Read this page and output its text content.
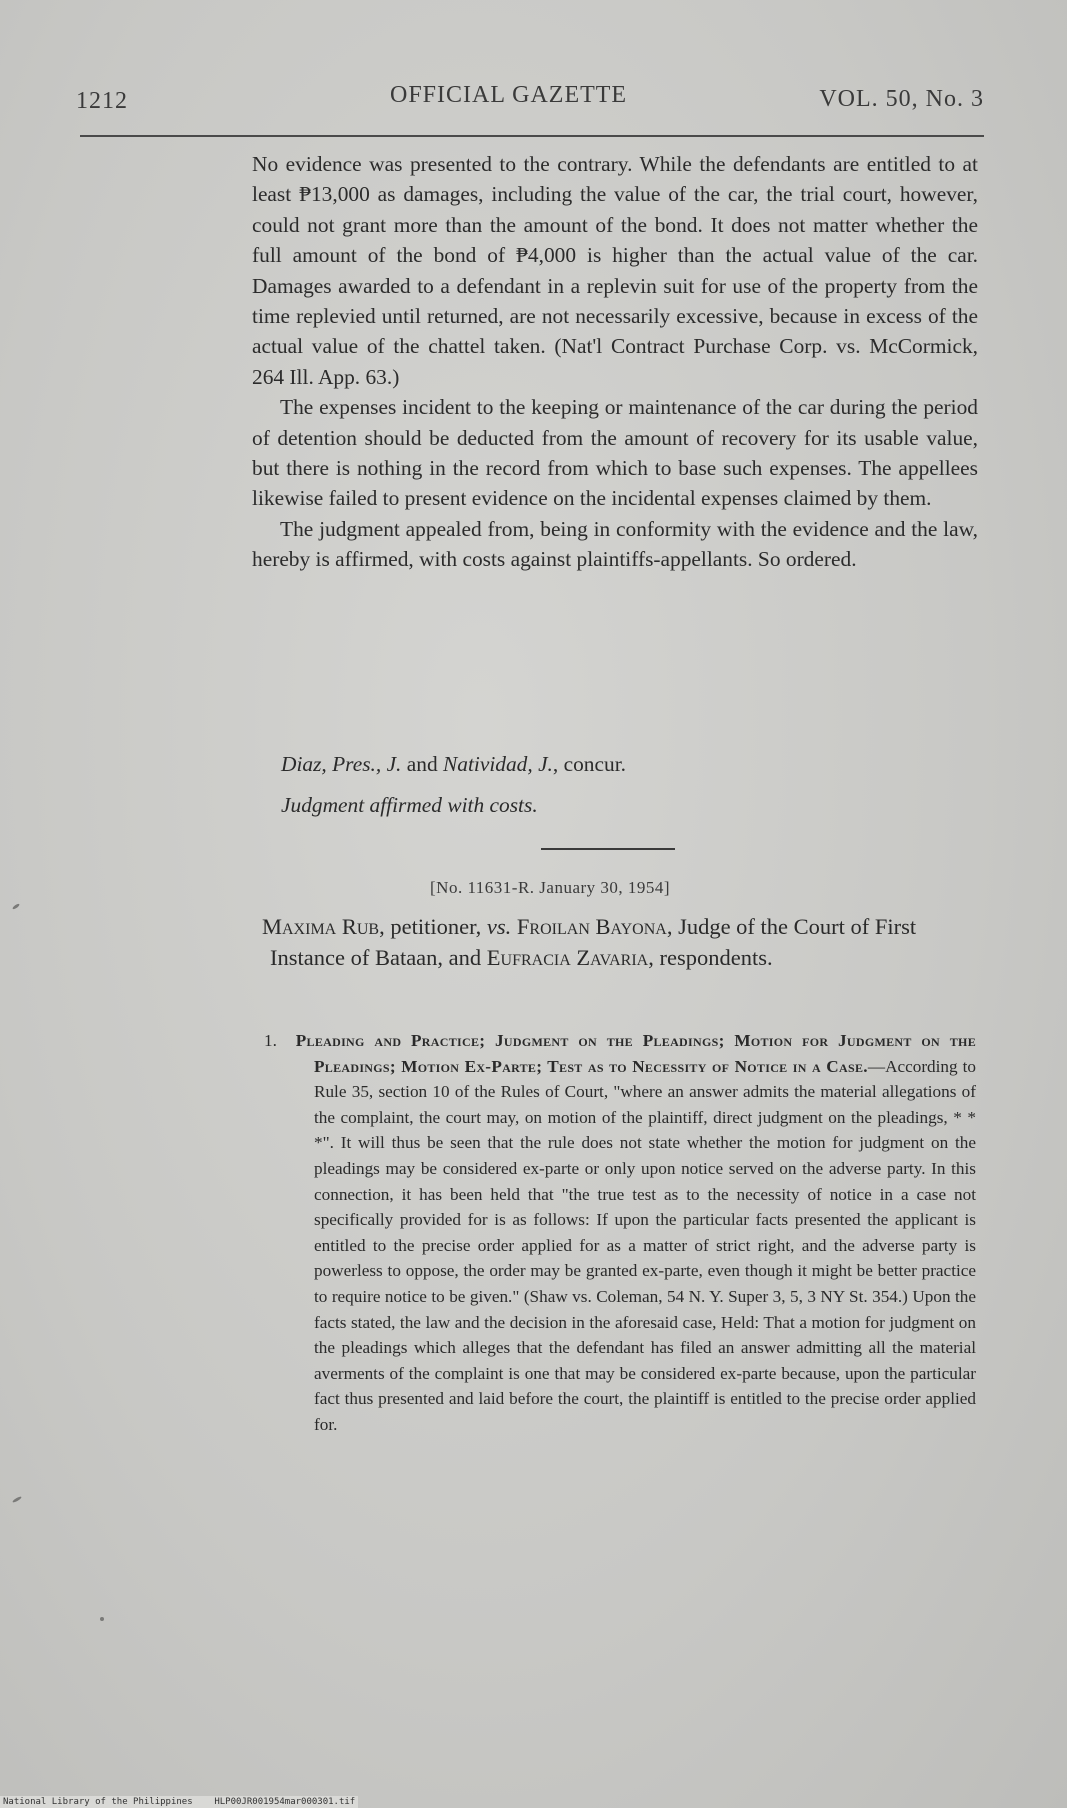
1212	OFFICIAL GAZETTE	VOL. 50, No. 3

No evidence was presented to the contrary. While the defendants are entitled to at least ₱13,000 as damages, including the value of the car, the trial court, however, could not grant more than the amount of the bond. It does not matter whether the full amount of the bond of ₱4,000 is higher than the actual value of the car. Damages awarded to a defendant in a replevin suit for use of the property from the time replevied until returned, are not necessarily excessive, because in excess of the actual value of the chattel taken. (Nat'l Contract Purchase Corp. vs. McCormick, 264 Ill. App. 63.)

The expenses incident to the keeping or maintenance of the car during the period of detention should be deducted from the amount of recovery for its usable value, but there is nothing in the record from which to base such expenses. The appellees likewise failed to present evidence on the incidental expenses claimed by them.

The judgment appealed from, being in conformity with the evidence and the law, hereby is affirmed, with costs against plaintiffs-appellants. So ordered.

Diaz, Pres., J. and Natividad, J., concur.
Judgment affirmed with costs.
[No. 11631-R. January 30, 1954]
Maxima Rub, petitioner, vs. Froilan Bayona, Judge of the Court of First Instance of Bataan, and Eufracia Zavaria, respondents.
1. Pleading and Practice; Judgment on the Pleadings; Motion for Judgment on the Pleadings; Motion Ex-Parte; Test as to Necessity of Notice in a Case.—According to Rule 35, section 10 of the Rules of Court, "where an answer admits the material allegations of the complaint, the court may, on motion of the plaintiff, direct judgment on the pleadings, * * *". It will thus be seen that the rule does not state whether the motion for judgment on the pleadings may be considered ex-parte or only upon notice served on the adverse party. In this connection, it has been held that "the true test as to the necessity of notice in a case not specifically provided for is as follows: If upon the particular facts presented the applicant is entitled to the precise order applied for as a matter of strict right, and the adverse party is powerless to oppose, the order may be granted ex-parte, even though it might be better practice to require notice to be given." (Shaw vs. Coleman, 54 N. Y. Super 3, 5, 3 NY St. 354.) Upon the facts stated, the law and the decision in the aforesaid case, Held: That a motion for judgment on the pleadings which alleges that the defendant has filed an answer admitting all the material averments of the complaint is one that may be considered ex-parte because, upon the particular fact thus presented and laid before the court, the plaintiff is entitled to the precise order applied for.
National Library of the Philippines HLP00JR001954mar000301.tif
